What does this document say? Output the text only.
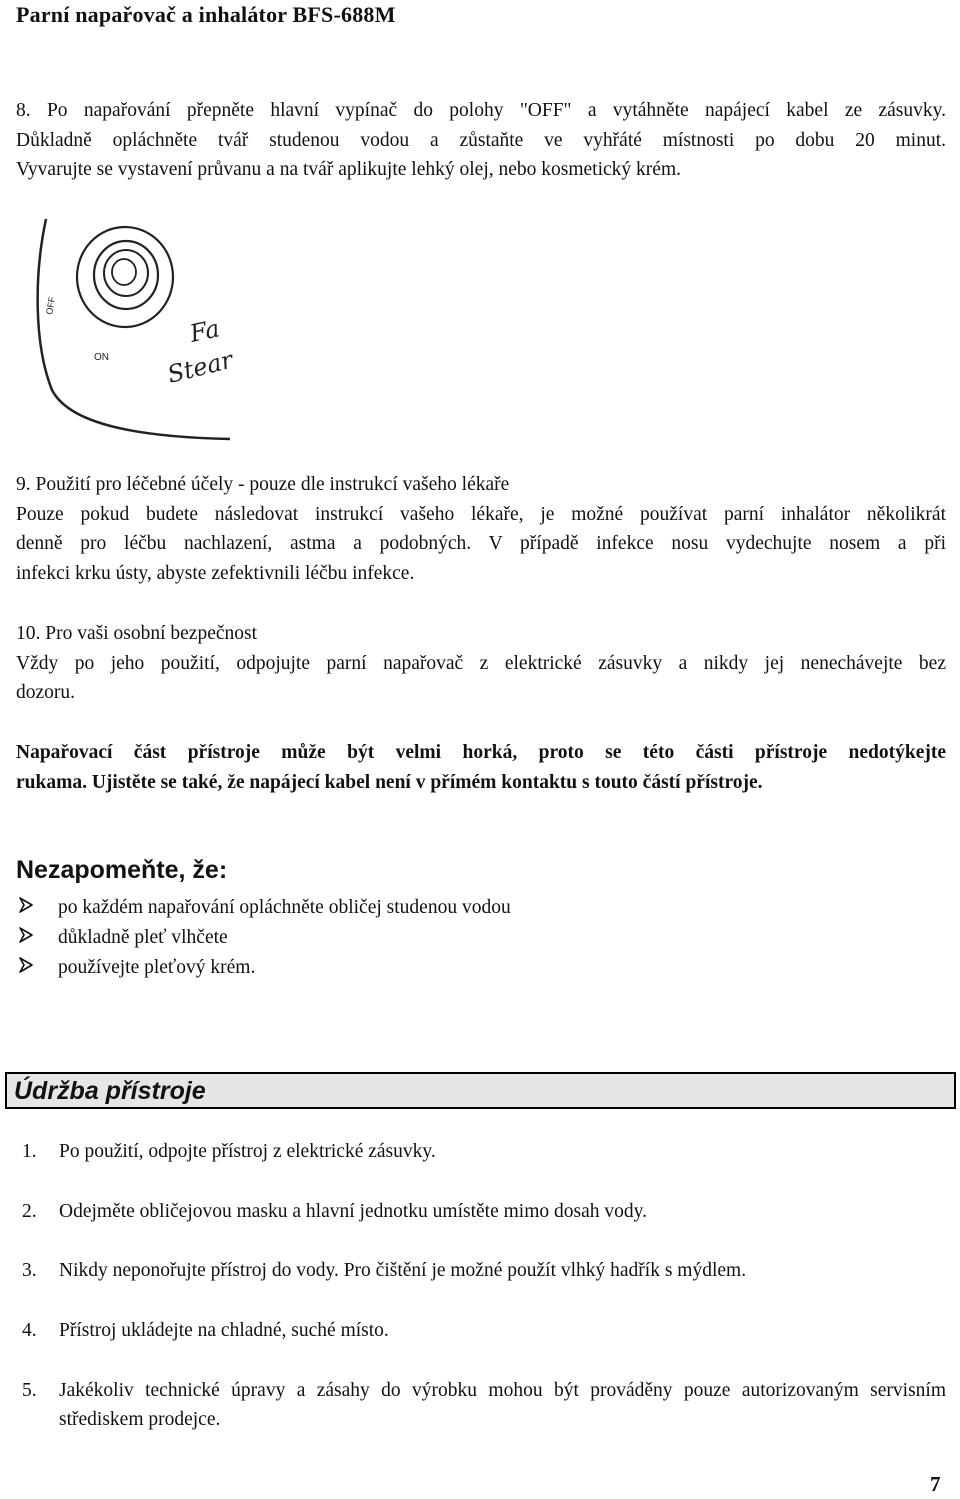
Parní napařovač a inhalátor BFS-688M
8. Po napařování přepněte hlavní vypínač do polohy "OFF" a vytáhněte napájecí kabel ze zásuvky.
Důkladně opláchněte tvář studenou vodou a zůstaňte ve vyhřáté místnosti po dobu 20 minut.
Vyvarujte se vystavení průvanu a na tvář aplikujte lehký olej, nebo kosmetický krém.
OFF
ON
Fa
Stear
9. Použití pro léčebné účely - pouze dle instrukcí vašeho lékaře
Pouze pokud budete následovat instrukcí vašeho lékaře, je možné používat parní inhalátor několikrát
denně pro léčbu nachlazení, astma a podobných. V případě infekce nosu vydechujte nosem a při
infekci krku ústy, abyste zefektivnili léčbu infekce.
10. Pro vaši osobní bezpečnost
Vždy po jeho použití, odpojujte parní napařovač z elektrické zásuvky a nikdy jej nenechávejte bez
dozoru.
Napařovací část přístroje může být velmi horká, proto se této části přístroje nedotýkejte
rukama. Ujistěte se také, že napájecí kabel není v přímém kontaktu s touto částí přístroje.
Nezapomeňte, že:
po každém napařování opláchněte obličej studenou vodou
důkladně pleť vlhčete
používejte pleťový krém.
Údržba přístroje
1.	Po použití, odpojte přístroj z elektrické zásuvky.
2.	Odejměte obličejovou masku a hlavní jednotku umístěte mimo dosah vody.
3.	Nikdy neponořujte přístroj do vody. Pro čištění je možné použít vlhký hadřík s mýdlem.
4.	Přístroj ukládejte na chladné, suché místo.
5.	Jakékoliv technické úpravy a zásahy do výrobku mohou být prováděny pouze autorizovaným servisním střediskem prodejce.
7
